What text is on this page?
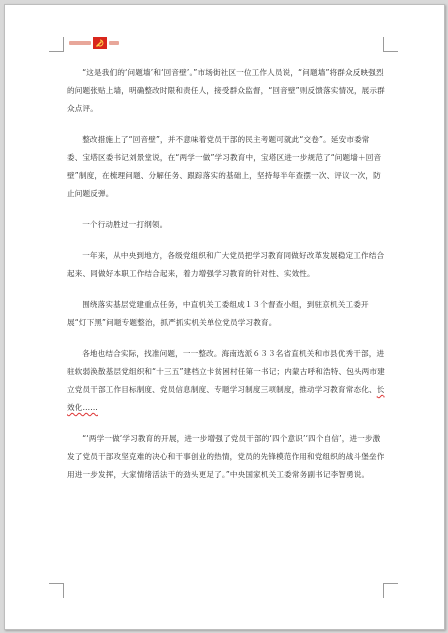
“这是我们的‘问题墙’和‘回音壁’。”市场街社区一位工作人员说，“问题墙”将群众反映强烈的问题张贴上墙，明确整改时限和责任人，接受群众监督，“回音壁”则反馈落实情况，展示群众点评。

整改措施上了“回音壁”，并不意味着党员干部的民主考题可就此“交卷”。延安市委常委、宝塔区委书记刘景堂说，在“两学一做”学习教育中，宝塔区进一步规范了“问题墙＋回音壁”制度，在梳理问题、分解任务、跟踪落实的基础上，坚持每半年查摆一次、评议一次，防止问题反弹。

一个行动胜过一打纲领。

一年来，从中央到地方，各级党组织和广大党员把学习教育同做好改革发展稳定工作结合起来、同做好本职工作结合起来，着力增强学习教育的针对性、实效性。

围绕落实基层党建重点任务，中直机关工委组成１３个督查小组，到驻京机关工委开展“灯下黑”问题专题整治，抓严抓实机关单位党员学习教育。

各地也结合实际，找准问题，一一整改。海南选派６３３名省直机关和市县优秀干部，进驻软弱涣散基层党组织和“十三五”建档立卡贫困村任第一书记；内蒙古呼和浩特、包头两市建立党员干部工作目标制度、党员信息制度、专题学习制度三项制度，推动学习教育常态化、长效化……

“‘两学一做’学习教育的开展，进一步增强了党员干部的‘四个意识’‘四个自信’，进一步激发了党员干部攻坚克难的决心和干事创业的热情，党员的先锋模范作用和党组织的战斗堡垒作用进一步发挥，大家情绪活法干的劲头更足了。”中央国家机关工委常务副书记李智勇说。
